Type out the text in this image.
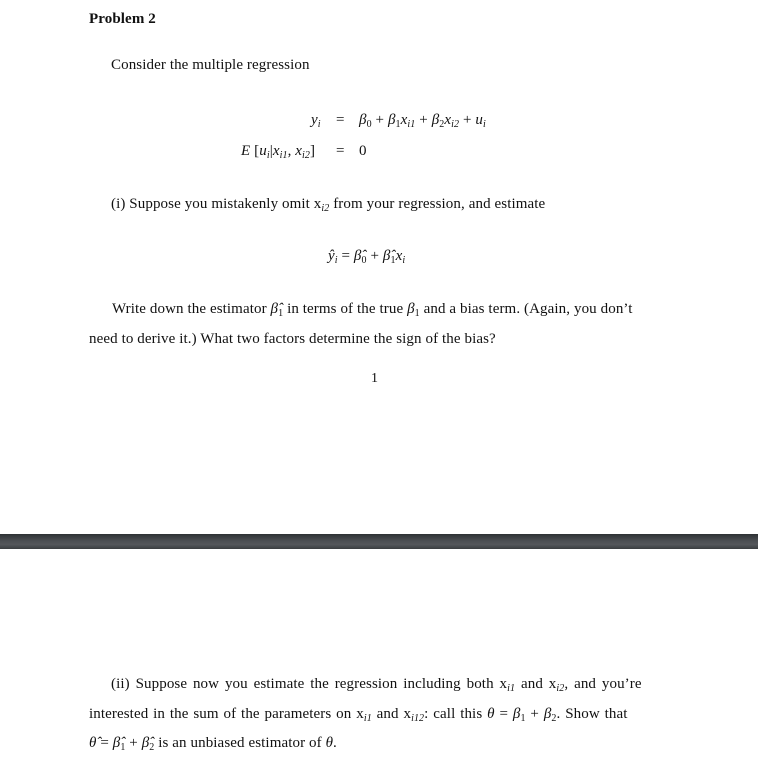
Problem 2
Consider the multiple regression
$y_i = \beta_0 + \beta_1x_{i1} + \beta_2x_{i2} + u_i$
E [$u_i|x_{i1}$, $x_{i2}] = 0$
(i) Suppose you mistakenly omit $x_{i2}$ from your regression, and estimate
$ŷ_i$ = $\betâ_0$ + $\betâ_1x_i$
Write down the estimator $\betâ_1$ in terms of the true $\beta_1$ and a bias term. (Again, you don’t
need to derive it.) What two factors determine the sign of the bias?
1
(ii) Suppose now you estimate the regression including both $x_{i1}$ and $x_{i2}$, and you’re
interested in the sum of the parameters on $x_{i1}$ and $x_{i12}$: call this $\theta = \beta_1 + \beta_2$. Show that
θ̂ = $\betâ_1$ + $\betâ_2$ is an unbiased estimator of θ.
